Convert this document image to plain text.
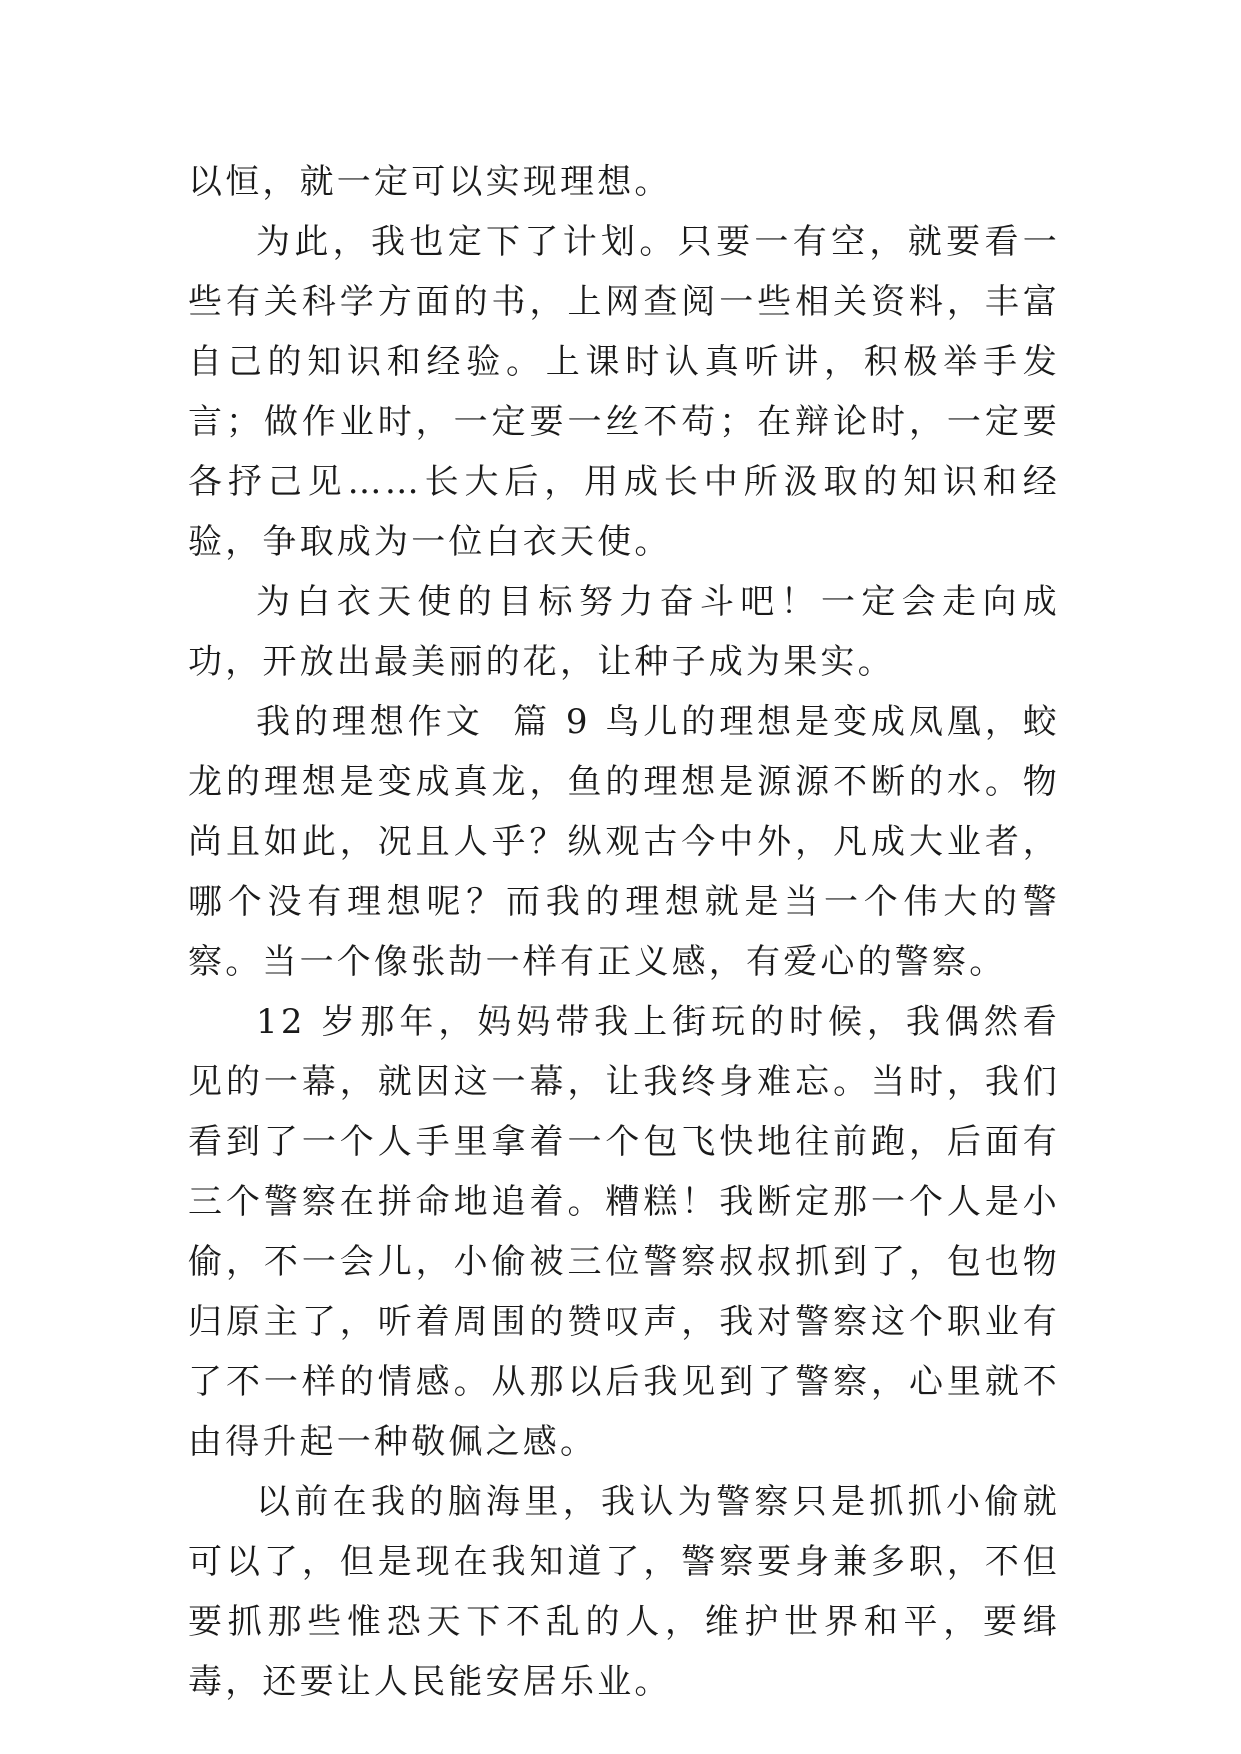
以恒，就一定可以实现理想。

为此，我也定下了计划。只要一有空，就要看一些有关科学方面的书，上网查阅一些相关资料，丰富自己的知识和经验。上课时认真听讲，积极举手发言；做作业时，一定要一丝不苟；在辩论时，一定要各抒己见……长大后，用成长中所汲取的知识和经验，争取成为一位白衣天使。

为白衣天使的目标努力奋斗吧！一定会走向成功，开放出最美丽的花，让种子成为果实。

我的理想作文  篇 9 鸟儿的理想是变成凤凰，蛟龙的理想是变成真龙，鱼的理想是源源不断的水。物尚且如此，况且人乎？纵观古今中外，凡成大业者，哪个没有理想呢？而我的理想就是当一个伟大的警察。当一个像张劼一样有正义感，有爱心的警察。

12 岁那年，妈妈带我上街玩的时候，我偶然看见的一幕，就因这一幕，让我终身难忘。当时，我们看到了一个人手里拿着一个包飞快地往前跑，后面有三个警察在拼命地追着。糟糕！我断定那一个人是小偷，不一会儿，小偷被三位警察叔叔抓到了，包也物归原主了，听着周围的赞叹声，我对警察这个职业有了不一样的情感。从那以后我见到了警察，心里就不由得升起一种敬佩之感。

以前在我的脑海里，我认为警察只是抓抓小偷就可以了，但是现在我知道了，警察要身兼多职，不但要抓那些惟恐天下不乱的人，维护世界和平，要缉毒，还要让人民能安居乐业。
